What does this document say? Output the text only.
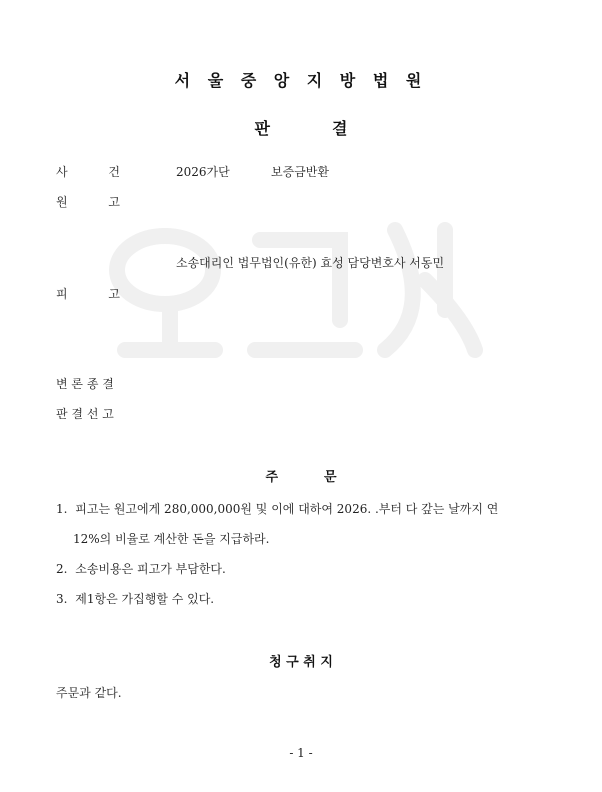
서 울 중 앙 지 방 법 원
판	결
사	건	2026가단	보증금반환
원	고
소송대리인 법무법인(유한) 효성 담당변호사 서동민
피	고
변 론 종 결
판 결 선 고
주	문
1. 피고는 원고에게 280,000,000원 및 이에 대하여 2026. .부터 다 갚는 날까지 연
12%의 비율로 계산한 돈을 지급하라.
2. 소송비용은 피고가 부담한다.
3. 제1항은 가집행할 수 있다.
청 구 취 지
주문과 같다.
- 1 -
